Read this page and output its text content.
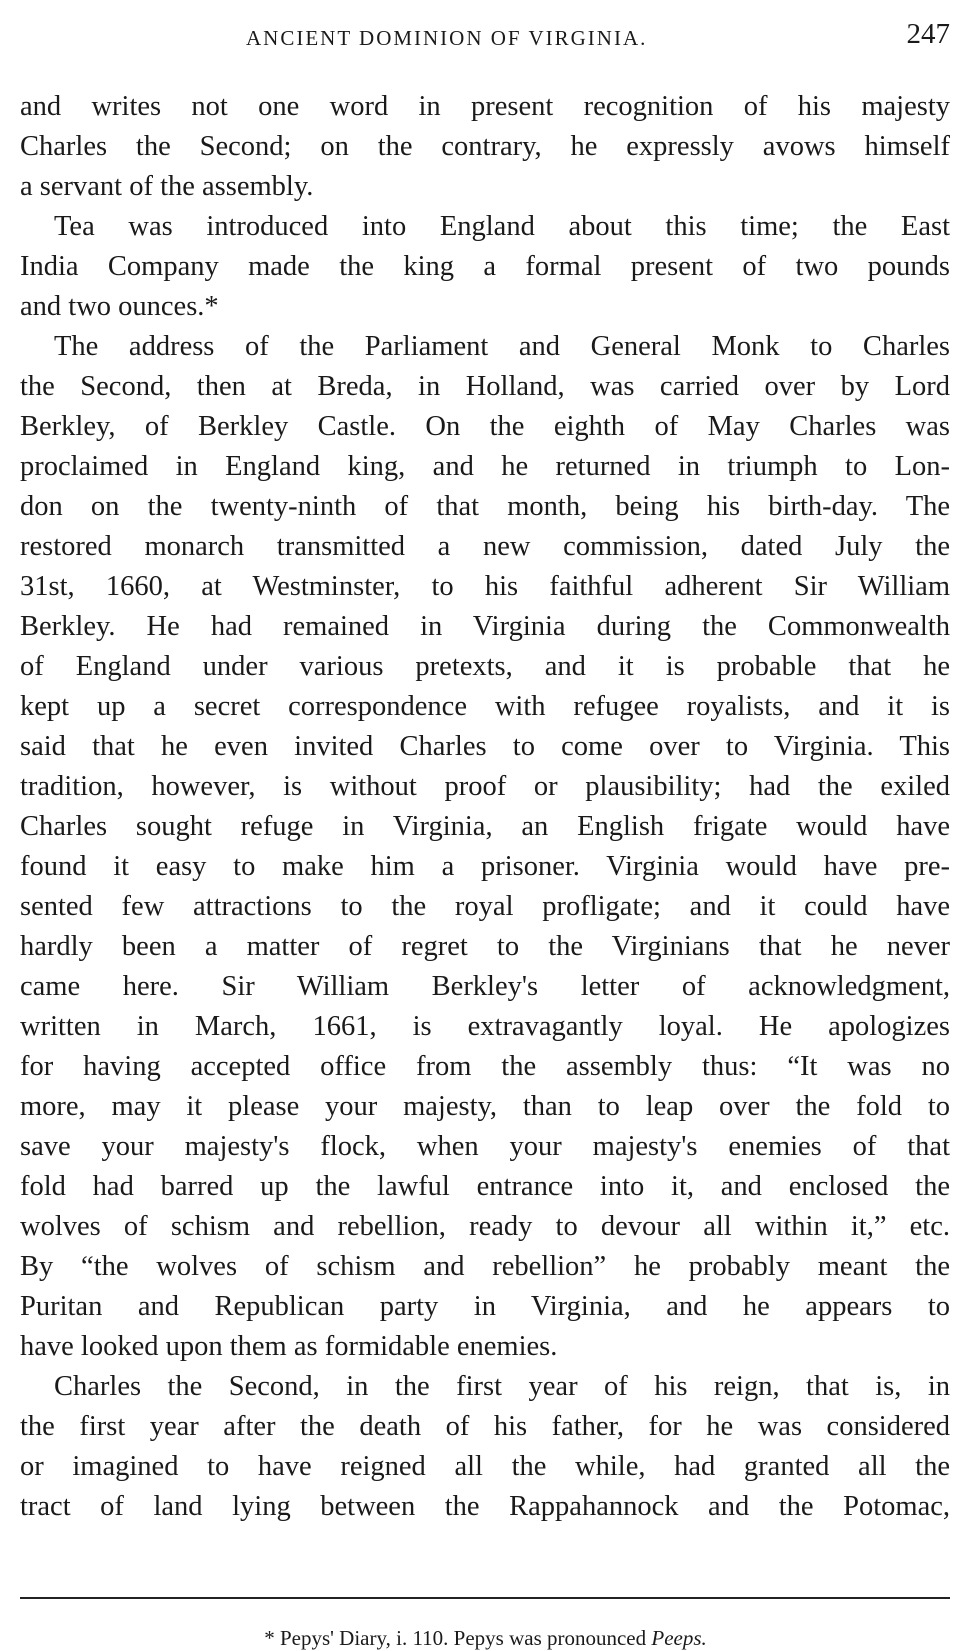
ANCIENT DOMINION OF VIRGINIA.	247
and writes not one word in present recognition of his majesty
Charles the Second; on the contrary, he expressly avows himself
a servant of the assembly.
Tea was introduced into England about this time; the East
India Company made the king a formal present of two pounds
and two ounces.*
The address of the Parliament and General Monk to Charles
the Second, then at Breda, in Holland, was carried over by Lord
Berkley, of Berkley Castle. On the eighth of May Charles was
proclaimed in England king, and he returned in triumph to Lon-
don on the twenty-ninth of that month, being his birth-day. The
restored monarch transmitted a new commission, dated July the
31st, 1660, at Westminster, to his faithful adherent Sir William
Berkley. He had remained in Virginia during the Commonwealth
of England under various pretexts, and it is probable that he
kept up a secret correspondence with refugee royalists, and it is
said that he even invited Charles to come over to Virginia. This
tradition, however, is without proof or plausibility; had the exiled
Charles sought refuge in Virginia, an English frigate would have
found it easy to make him a prisoner. Virginia would have pre-
sented few attractions to the royal profligate; and it could have
hardly been a matter of regret to the Virginians that he never
came here. Sir William Berkley's letter of acknowledgment,
written in March, 1661, is extravagantly loyal. He apologizes
for having accepted office from the assembly thus: “It was no
more, may it please your majesty, than to leap over the fold to
save your majesty's flock, when your majesty's enemies of that
fold had barred up the lawful entrance into it, and enclosed the
wolves of schism and rebellion, ready to devour all within it,” etc.
By “the wolves of schism and rebellion” he probably meant the
Puritan and Republican party in Virginia, and he appears to
have looked upon them as formidable enemies.
Charles the Second, in the first year of his reign, that is, in
the first year after the death of his father, for he was considered
or imagined to have reigned all the while, had granted all the
tract of land lying between the Rappahannock and the Potomac,
* Pepys' Diary, i. 110. Pepys was pronounced Peeps.
